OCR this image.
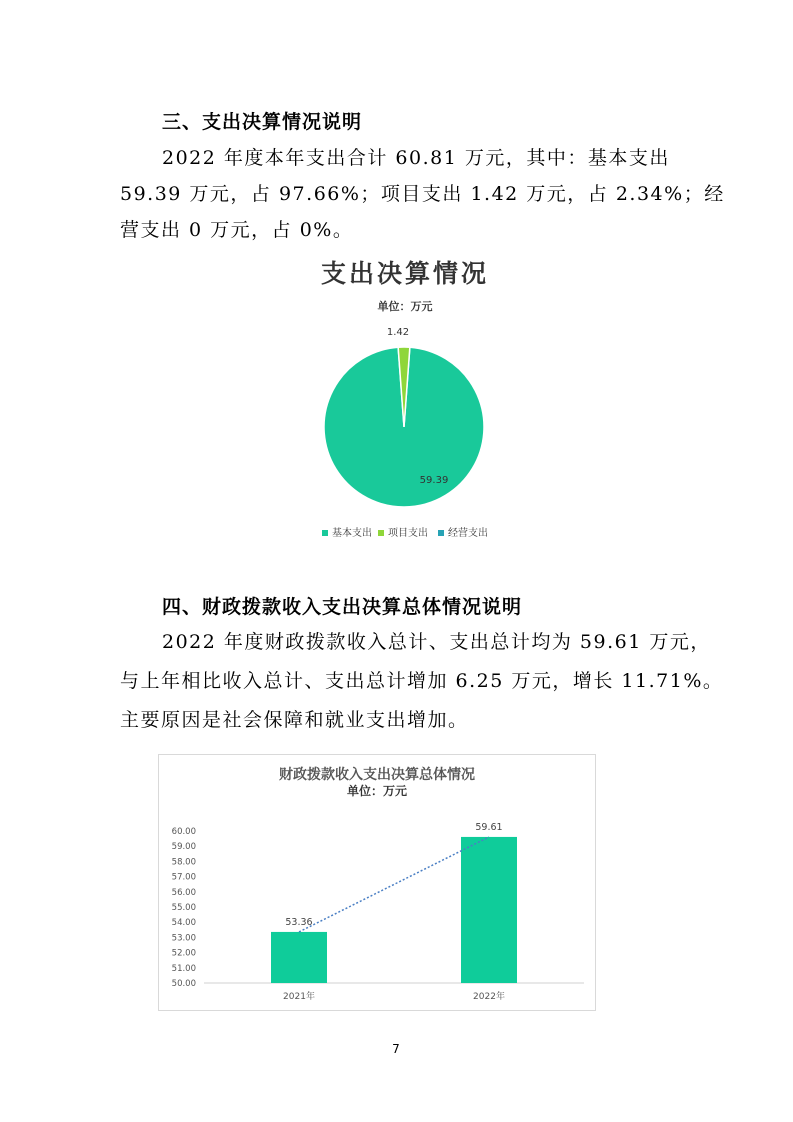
三、支出决算情况说明
2022 年度本年支出合计 60.81 万元，其中：基本支出
59.39 万元，占 97.66%；项目支出 1.42 万元，占 2.34%；经
营支出 0 万元，占 0%。
支出决算情况
单位：万元
59.39
1.42
基本支出 项目支出 经营支出
四、财政拨款收入支出决算总体情况说明
2022 年度财政拨款收入总计、支出总计均为 59.61 万元，
与上年相比收入总计、支出总计增加 6.25 万元，增长 11.71%。
主要原因是社会保障和就业支出增加。
财政拨款收入支出决算总体情况
单位：万元
50.00
51.00
52.00
53.00
54.00
55.00
56.00
57.00
58.00
59.00
60.00
2021年	2022年
53.36
59.61
7
